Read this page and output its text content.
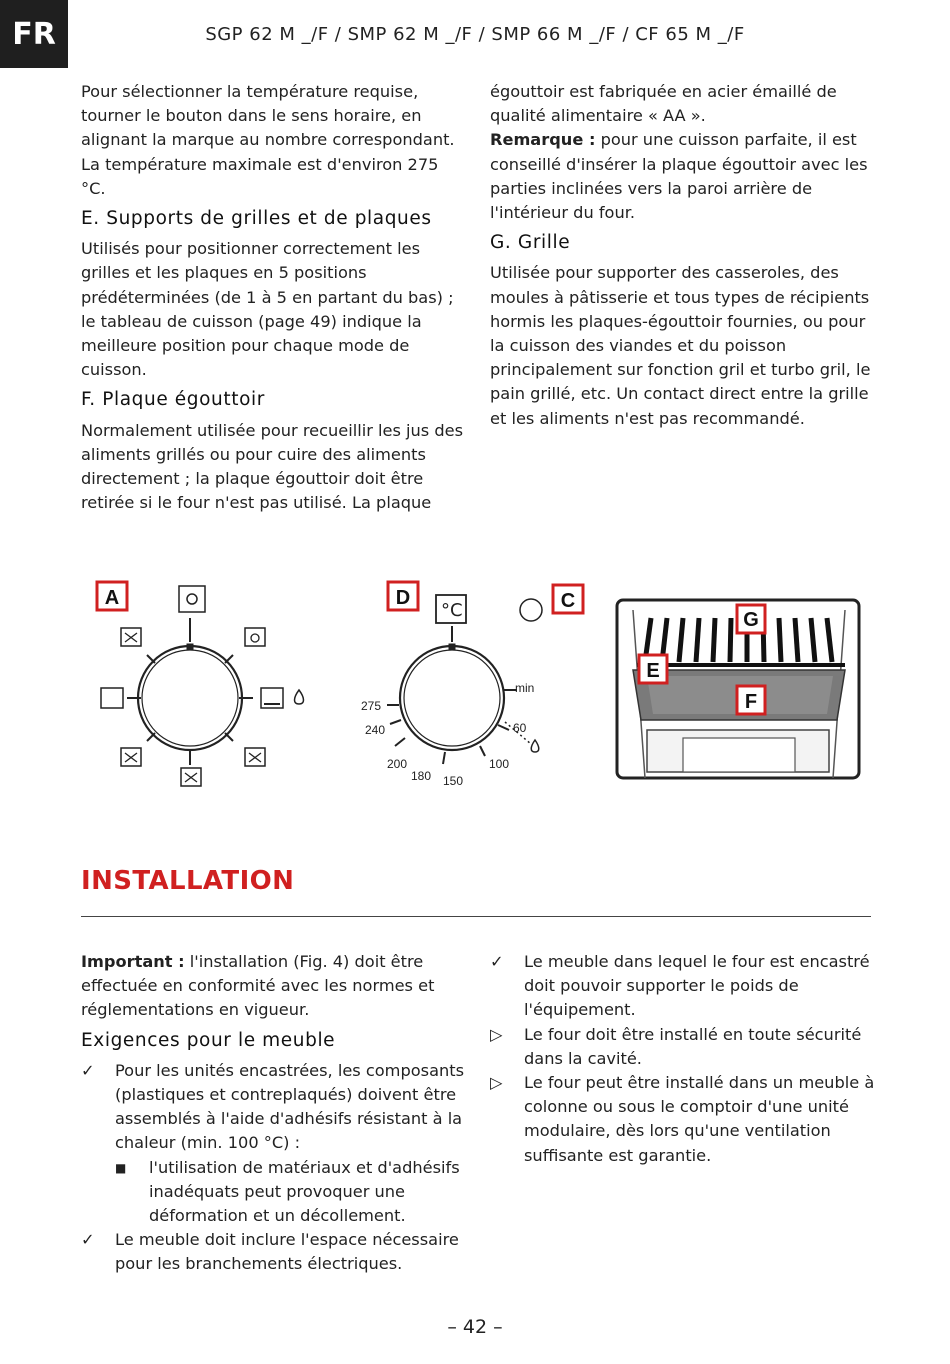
FR	SGP 62 M _/F / SMP 62 M _/F / SMP 66 M _/F / CF 65 M _/F

Pour sélectionner la température requise, tourner le bouton dans le sens horaire, en alignant la marque au nombre correspondant. La température maximale est d'environ 275 °C.

E. Supports de grilles et de plaques

Utilisés pour positionner correctement les grilles et les plaques en 5 positions prédéterminées (de 1 à 5 en partant du bas) ; le tableau de cuisson (page 49) indique la meilleure position pour chaque mode de cuisson.

F. Plaque égouttoir

Normalement utilisée pour recueillir les jus des aliments grillés ou pour cuire des aliments directement ; la plaque égouttoir doit être retirée si le four n'est pas utilisé. La plaque

égouttoir est fabriquée en acier émaillé de qualité alimentaire « AA ».

Remarque : pour une cuisson parfaite, il est conseillé d'insérer la plaque égouttoir avec les parties inclinées vers la paroi arrière de l'intérieur du four.

G. Grille

Utilisée pour supporter des casseroles, des moules à pâtisserie et tous types de récipients hormis les plaques-égouttoir fournies, ou pour la cuisson des viandes et du poisson principalement sur fonction gril et turbo gril, le pain grillé, etc. Un contact direct entre la grille et les aliments n'est pas recommandé.

A
°C
D
275
240
200
180 150
100
60
min
C
G
E
F
INSTALLATION

Important : l'installation (Fig. 4) doit être effectuée en conformité avec les normes et réglementations en vigueur.

Exigences pour le meuble
✓	Pour les unités encastrées, les composants (plastiques et contreplaqués) doivent être assemblés à l'aide d'adhésifs résistant à la chaleur (min. 100 °C) :
■	l'utilisation de matériaux et d'adhésifs inadéquats peut provoquer une déformation et un décollement.
✓	Le meuble doit inclure l'espace nécessaire pour les branchements électriques.
✓	Le meuble dans lequel le four est encastré doit pouvoir supporter le poids de l'équipement.
▷	Le four doit être installé en toute sécurité dans la cavité.
▷	Le four peut être installé dans un meuble à colonne ou sous le comptoir d'une unité modulaire, dès lors qu'une ventilation suffisante est garantie.
– 42 –
